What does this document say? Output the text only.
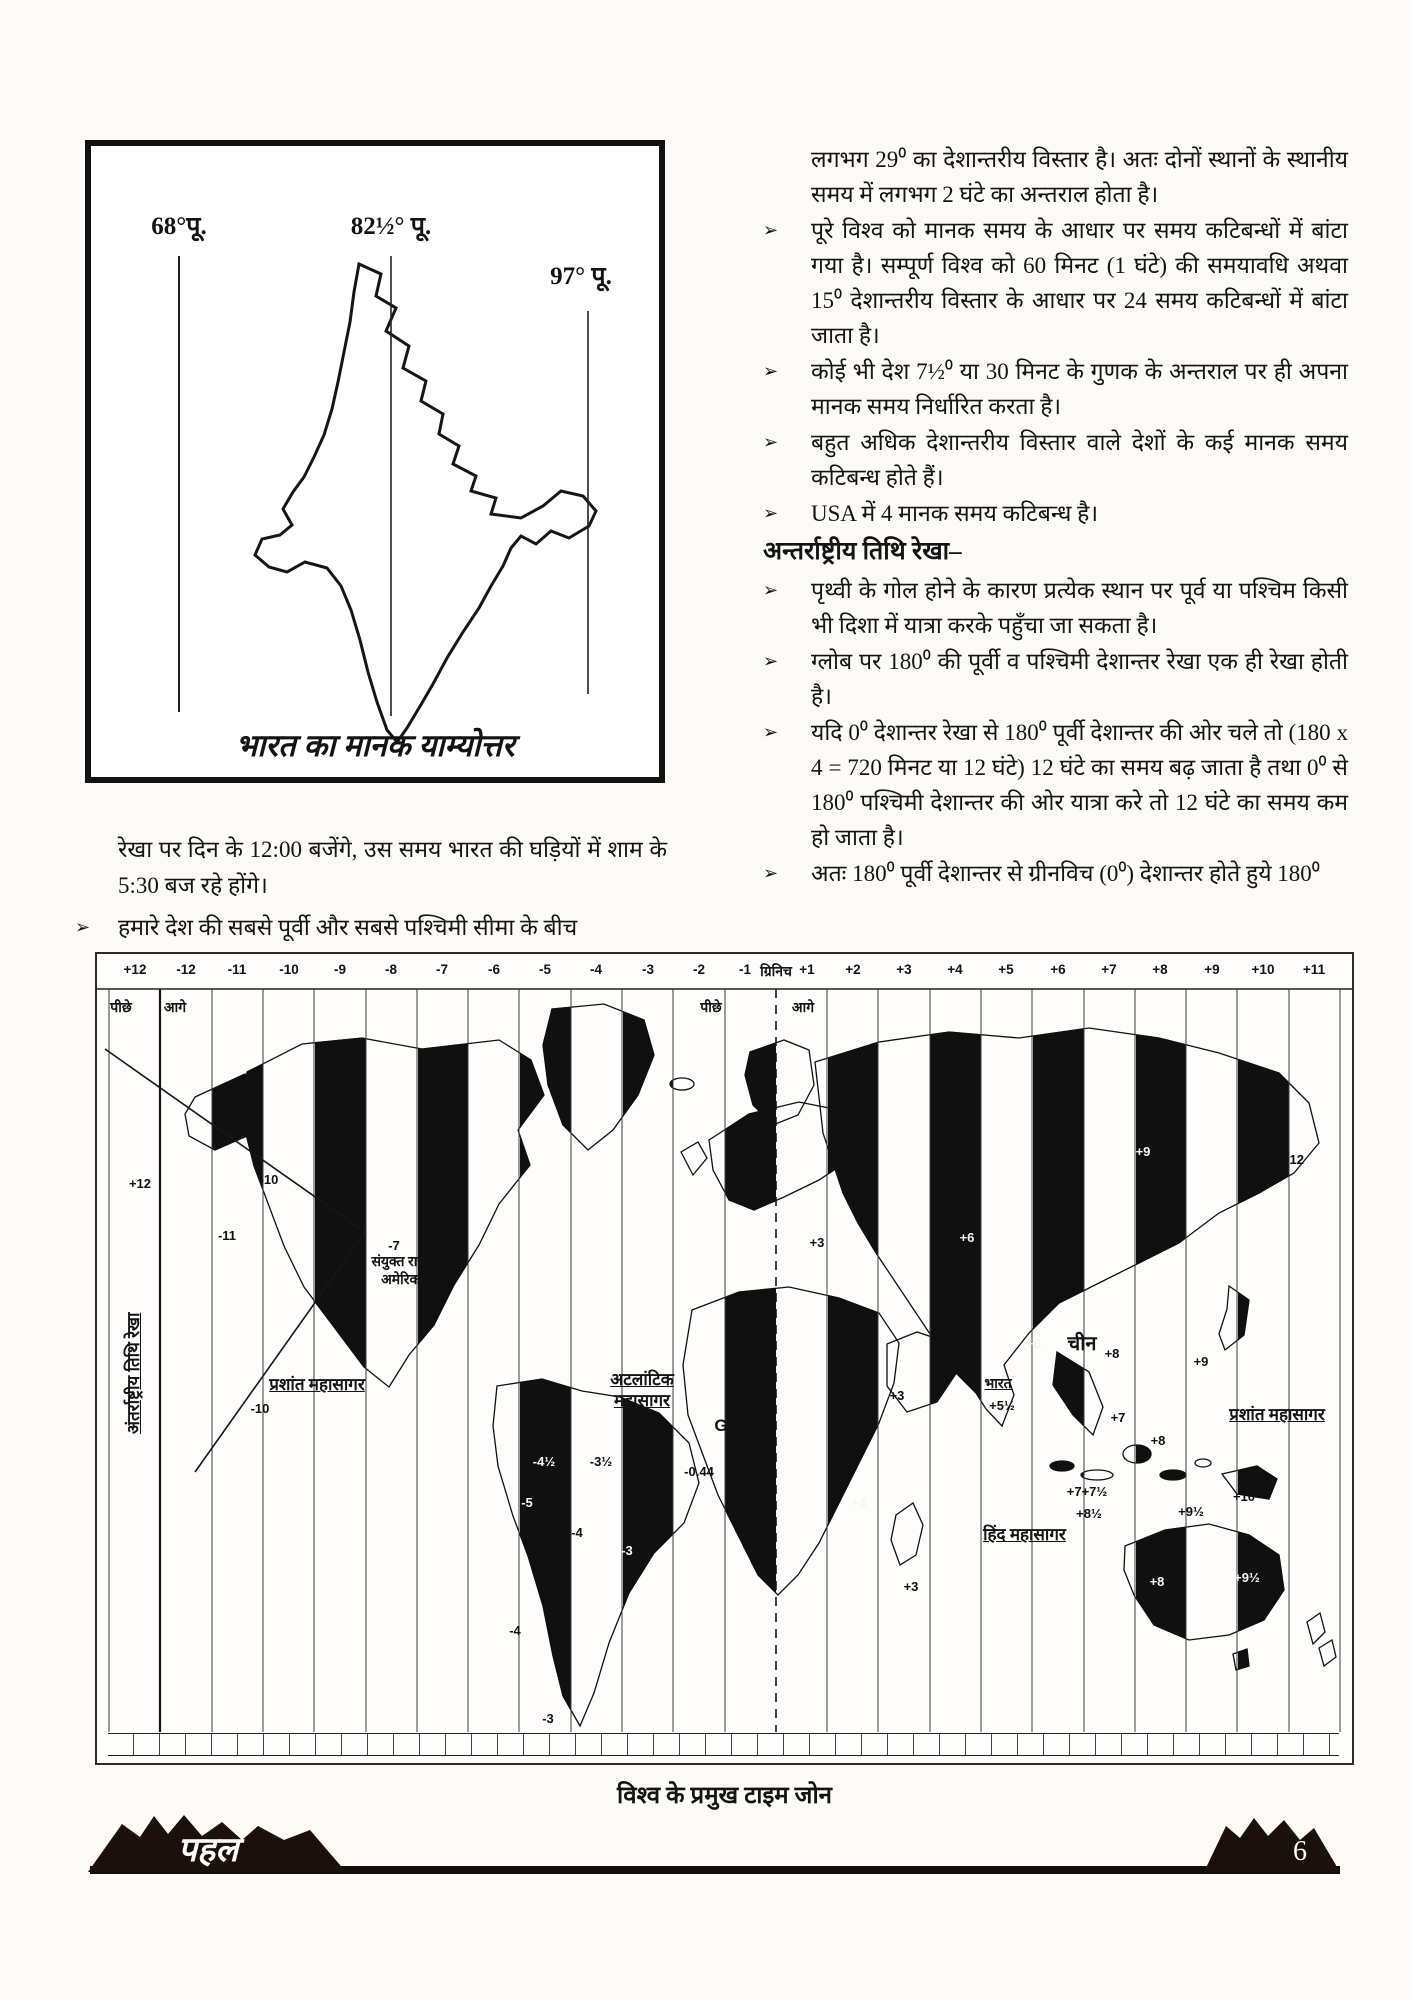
68°पू.	82½° पू.
97° पू.
भारत का मानक याम्योत्तर
रेखा पर दिन के 12:00 बजेंगे, उस समय भारत की घड़ियों में शाम के 5:30 बज रहे होंगे।
➢	हमारे देश की सबसे पूर्वी और सबसे पश्चिमी सीमा के बीच
लगभग 29⁰ का देशान्तरीय विस्तार है। अतः दोनों स्थानों के स्थानीय समय में लगभग 2 घंटे का अन्तराल होता है।
➢	पूरे विश्व को मानक समय के आधार पर समय कटिबन्धों में बांटा गया है। सम्पूर्ण विश्व को 60 मिनट (1 घंटे) की समयावधि अथवा 15⁰ देशान्तरीय विस्तार के आधार पर 24 समय कटिबन्धों में बांटा जाता है।
➢	कोई भी देश 7½⁰ या 30 मिनट के गुणक के अन्तराल पर ही अपना मानक समय निर्धारित करता है।
➢	बहुत अधिक देशान्तरीय विस्तार वाले देशों के कई मानक समय कटिबन्ध होते हैं।
➢	USA में 4 मानक समय कटिबन्ध है।
अन्तर्राष्ट्रीय तिथि रेखा–
➢	पृथ्वी के गोल होने के कारण प्रत्येक स्थान पर पूर्व या पश्चिम किसी भी दिशा में यात्रा करके पहुँचा जा सकता है।
➢	ग्लोब पर 180⁰ की पूर्वी व पश्चिमी देशान्तर रेखा एक ही रेखा होती है।
➢	यदि 0⁰ देशान्तर रेखा से 180⁰ पूर्वी देशान्तर की ओर चले तो (180 x 4 = 720 मिनट या 12 घंटे) 12 घंटे का समय बढ़ जाता है तथा 0⁰ से 180⁰ पश्चिमी देशान्तर की ओर यात्रा करे तो 12 घंटे का समय कम हो जाता है।
➢	अतः 180⁰ पूर्वी देशान्तर से ग्रीनविच (0⁰) देशान्तर होते हुये 180⁰
+12 -12 -11 -10	-9	-8	-7	-6	-5	-4	-3	-2	-1 ग्रिनिच +1 +2	+3	+4	+5	+6	+7	+8	+9 +10 +11
पीछे आगे	पीछे	आगे
अंतर्राष्ट्रीय तिथि रेखा	प्रशांत महासागर	अटलांटिक महासागर
हिंद महासागर
प्रशांत महासागर
संयुक्त राज्य अमेरिका
चीन
भारत
+12	-10
-11
-7
-10
-4½	-3½
-5
-4
-3
-4
-3
+3
+3
+3
+3
+5½
+6
+8
+8
+9
+9
+12
+7
+7+7½
+8½
+8
+9½
+10
+8	+9½
G
-0.44
विश्व के प्रमुख टाइम जोन
पहल	6
